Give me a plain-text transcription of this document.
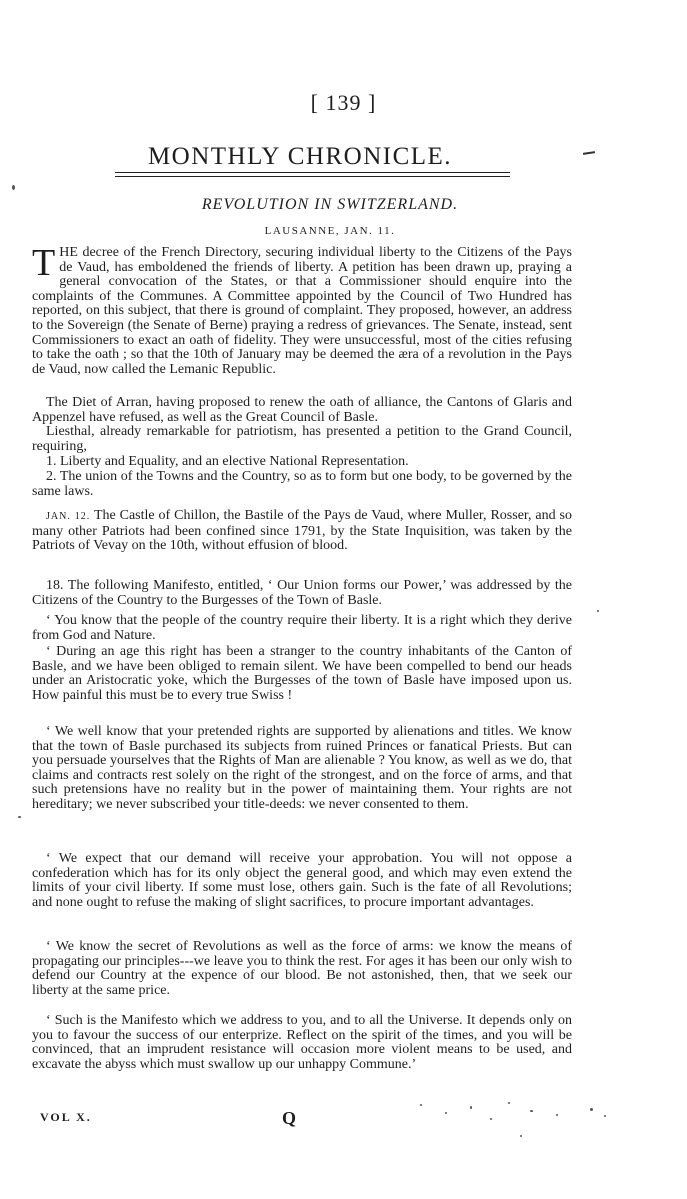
[ 139 ]
MONTHLY CHRONICLE.
REVOLUTION IN SWITZERLAND.
LAUSANNE, JAN. 11.
THE decree of the French Directory, securing individual liberty to the Citizens of the Pays de Vaud, has emboldened the friends of liberty. A petition has been drawn up, praying a general convocation of the States, or that a Commissioner should enquire into the complaints of the Communes. A Committee appointed by the Council of Two Hundred has reported, on this subject, that there is ground of complaint. They proposed, however, an address to the Sovereign (the Senate of Berne) praying a redress of grievances. The Senate, instead, sent Commissioners to exact an oath of fidelity. They were unsuccessful, most of the cities refusing to take the oath ; so that the 10th of January may be deemed the æra of a revolution in the Pays de Vaud, now called the Lemanic Republic.
The Diet of Arran, having proposed to renew the oath of alliance, the Cantons of Glaris and Appenzel have refused, as well as the Great Council of Basle.
Liesthal, already remarkable for patriotism, has presented a petition to the Grand Council, requiring,
1. Liberty and Equality, and an elective National Representation.
2. The union of the Towns and the Country, so as to form but one body, to be governed by the same laws.
JAN. 12. The Castle of Chillon, the Bastile of the Pays de Vaud, where Muller, Rosser, and so many other Patriots had been confined since 1791, by the State Inquisition, was taken by the Patriots of Vevay on the 10th, without effusion of blood.
18. The following Manifesto, entitled, ‘ Our Union forms our Power,’ was addressed by the Citizens of the Country to the Burgesses of the Town of Basle.
‘ You know that the people of the country require their liberty. It is a right which they derive from God and Nature.
‘ During an age this right has been a stranger to the country inhabitants of the Canton of Basle, and we have been obliged to remain silent. We have been compelled to bend our heads under an Aristocratic yoke, which the Burgesses of the town of Basle have imposed upon us. How painful this must be to every true Swiss !
‘ We well know that your pretended rights are supported by alienations and titles. We know that the town of Basle purchased its subjects from ruined Princes or fanatical Priests. But can you persuade yourselves that the Rights of Man are alienable ? You know, as well as we do, that claims and contracts rest solely on the right of the strongest, and on the force of arms, and that such pretensions have no reality but in the power of maintaining them. Your rights are not hereditary; we never subscribed your title-deeds: we never consented to them.
‘ We expect that our demand will receive your approbation. You will not oppose a confederation which has for its only object the general good, and which may even extend the limits of your civil liberty. If some must lose, others gain. Such is the fate of all Revolutions; and none ought to refuse the making of slight sacrifices, to procure important advantages.
‘ We know the secret of Revolutions as well as the force of arms: we know the means of propagating our principles---we leave you to think the rest. For ages it has been our only wish to defend our Country at the expence of our blood. Be not astonished, then, that we seek our liberty at the same price.
‘ Such is the Manifesto which we address to you, and to all the Universe. It depends only on you to favour the success of our enterprize. Reflect on the spirit of the times, and you will be convinced, that an imprudent resistance will occasion more violent means to be used, and excavate the abyss which must swallow up our unhappy Commune.’
VOL X.	Q
